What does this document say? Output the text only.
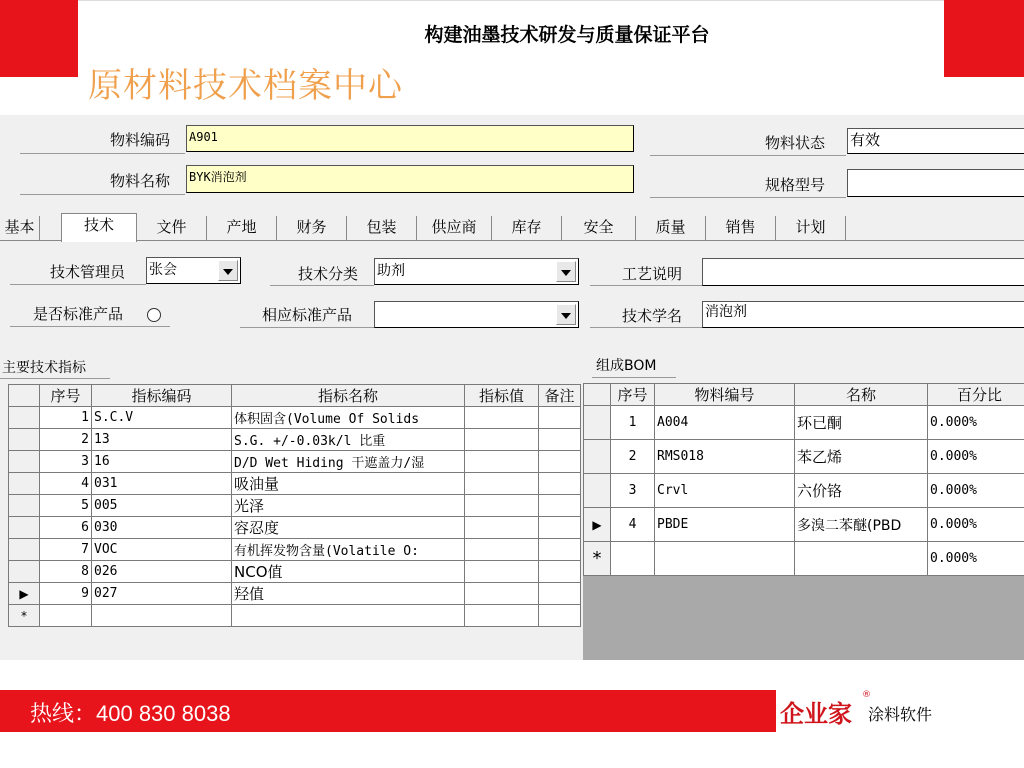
构建油墨技术研发与质量保证平台
原材料技术档案中心
物料编码 A901
物料名称 BYK消泡剂
物料状态 有效
规格型号
基本	技术	文件	产地	财务	包装	供应商	库存	安全	质量	销售	计划
技术管理员 张会	技术分类 助剂	工艺说明
是否标准产品	相应标准产品	技术学名 消泡剂
主要技术指标	组成BOM
	序号	指标编码	指标名称	指标值	备注
	1	S.C.V	体积固含(Volume Of Solids		
	2	13	S.G. +/-0.03k/l 比重		
	3	16	D/D Wet Hiding 干遮盖力/湿		
	4	031	吸油量		
	5	005	光泽		
	6	030	容忍度		
	7	VOC	有机挥发物含量(Volatile O:		
	8	026	NCO值		
▶	9	027	羟值		
*					
	序号	物料编号	名称	百分比
	1	A004	环已酮	0.000%
	2	RMS018	苯乙烯	0.000%
	3	Crvl	六价铬	0.000%
▶	4	PBDE	多溴二苯醚(PBD	0.000%
*				0.000%
热线：400 830 8038	企业家
®
涂料软件
